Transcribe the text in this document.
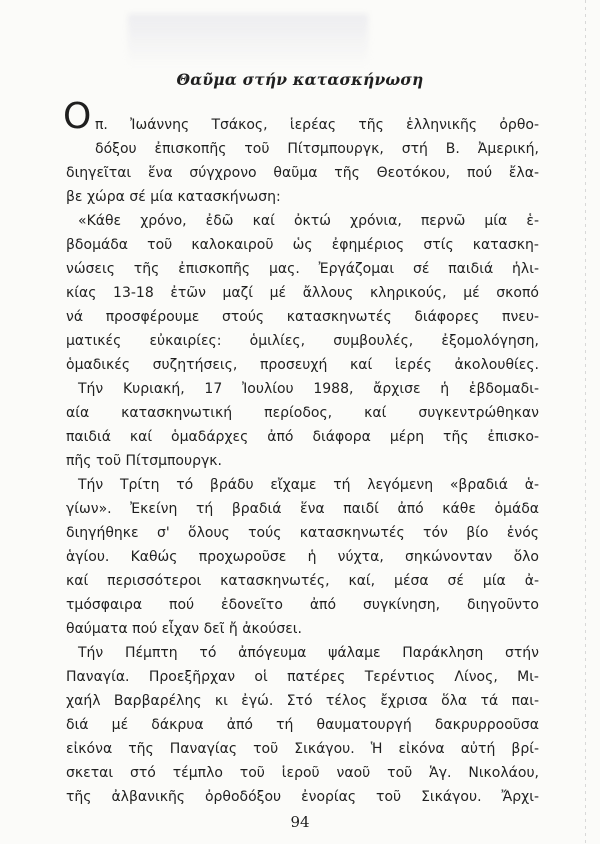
Θαῦμα στήν κατασκήνωση
O π. Ἰωάννης Τσάκος, ἱερέας τῆς ἑλληνικῆς ὀρθο-
δόξου ἐπισκοπῆς τοῦ Πίτσμπουργκ, στή Β. Ἀμερική,
διηγεῖται ἕνα σύγχρονο θαῦμα τῆς Θεοτόκου, πού ἔλα-
βε χώρα σέ μία κατασκήνωση:
«Κάθε χρόνο, ἐδῶ καί ὀκτώ χρόνια, περνῶ μία ἑ-
βδομάδα τοῦ καλοκαιροῦ ὡς ἐφημέριος στίς κατασκη-
νώσεις τῆς ἐπισκοπῆς μας. Ἐργάζομαι σέ παιδιά ἡλι-
κίας 13-18 ἐτῶν μαζί μέ ἄλλους κληρικούς, μέ σκοπό
νά προσφέρουμε στούς κατασκηνωτές διάφορες πνευ-
ματικές εὐκαιρίες: ὁμιλίες, συμβουλές, ἐξομολόγηση,
ὁμαδικές συζητήσεις, προσευχή καί ἱερές ἀκολουθίες.
Τήν Κυριακή, 17 Ἰουλίου 1988, ἄρχισε ἡ ἑβδομαδι-
αία κατασκηνωτική περίοδος, καί συγκεντρώθηκαν
παιδιά καί ὁμαδάρχες ἀπό διάφορα μέρη τῆς ἐπισκο-
πῆς τοῦ Πίτσμπουργκ.
Τήν Τρίτη τό βράδυ εἴχαμε τή λεγόμενη «βραδιά ἁ-
γίων». Ἐκείνη τή βραδιά ἕνα παιδί ἀπό κάθε ὁμάδα
διηγήθηκε σ' ὅλους τούς κατασκηνωτές τόν βίο ἑνός
ἁγίου. Καθώς προχωροῦσε ἡ νύχτα, σηκώνονταν ὅλο
καί περισσότεροι κατασκηνωτές, καί, μέσα σέ μία ἀ-
τμόσφαιρα πού ἐδονεῖτο ἀπό συγκίνηση, διηγοῦντο
θαύματα πού εἶχαν δεῖ ἤ ἀκούσει.
Τήν Πέμπτη τό ἀπόγευμα ψάλαμε Παράκληση στήν
Παναγία. Προεξῆρχαν οἱ πατέρες Τερέντιος Λίνος, Μι-
χαήλ Βαρβαρέλης κι ἐγώ. Στό τέλος ἔχρισα ὅλα τά παι-
διά μέ δάκρυα ἀπό τή θαυματουργή δακρυρροοῦσα
εἰκόνα τῆς Παναγίας τοῦ Σικάγου. Ἡ εἰκόνα αὐτή βρί-
σκεται στό τέμπλο τοῦ ἱεροῦ ναοῦ τοῦ Ἁγ. Νικολάου,
τῆς ἀλβανικῆς ὀρθοδόξου ἐνορίας τοῦ Σικάγου. Ἄρχι-
94
